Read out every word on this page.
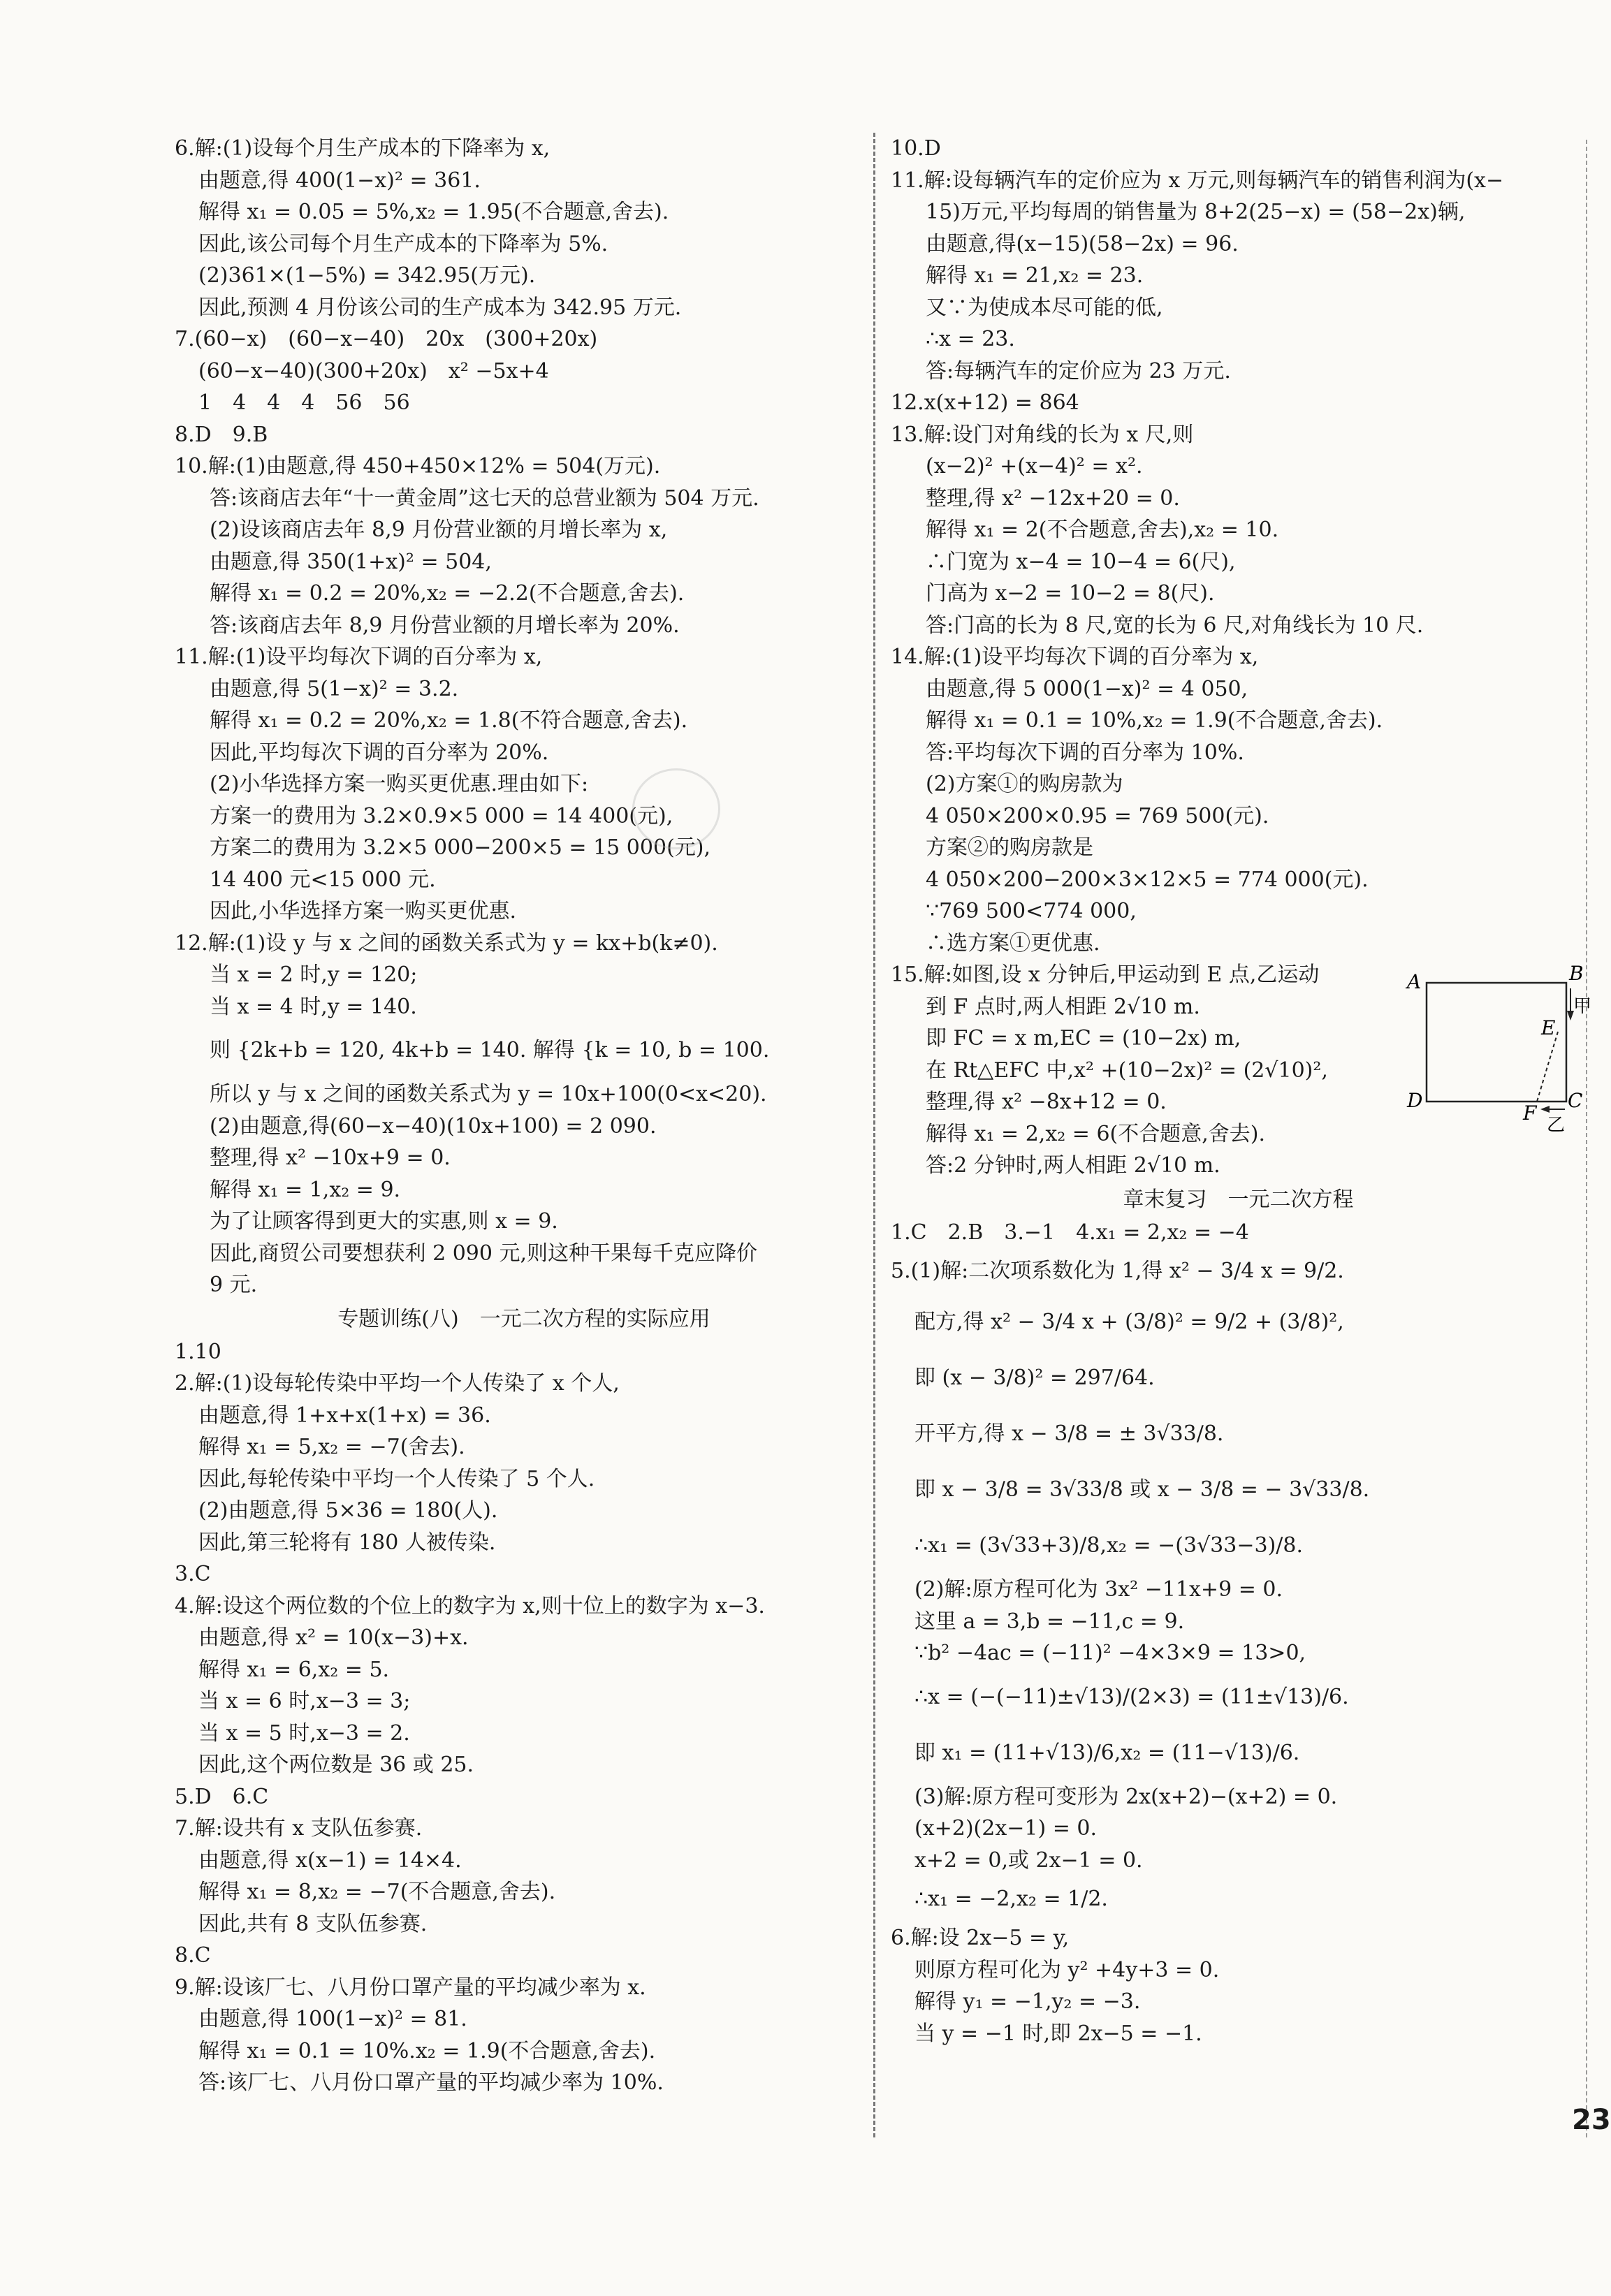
6.解:(1)设每个月生产成本的下降率为 x,
由题意,得 400(1−x)² = 361.
解得 x₁ = 0.05 = 5%,x₂ = 1.95(不合题意,舍去).
因此,该公司每个月生产成本的下降率为 5%.
(2)361×(1−5%) = 342.95(万元).
因此,预测 4 月份该公司的生产成本为 342.95 万元.
7.(60−x)　(60−x−40)　20x　(300+20x)
(60−x−40)(300+20x)　x² −5x+4
1　4　4　4　56　56
8.D　9.B
10.解:(1)由题意,得 450+450×12% = 504(万元).
答:该商店去年“十一黄金周”这七天的总营业额为 504 万元.
(2)设该商店去年 8,9 月份营业额的月增长率为 x,
由题意,得 350(1+x)² = 504,
解得 x₁ = 0.2 = 20%,x₂ = −2.2(不合题意,舍去).
答:该商店去年 8,9 月份营业额的月增长率为 20%.
11.解:(1)设平均每次下调的百分率为 x,
由题意,得 5(1−x)² = 3.2.
解得 x₁ = 0.2 = 20%,x₂ = 1.8(不符合题意,舍去).
因此,平均每次下调的百分率为 20%.
(2)小华选择方案一购买更优惠.理由如下:
方案一的费用为 3.2×0.9×5 000 = 14 400(元),
方案二的费用为 3.2×5 000−200×5 = 15 000(元),
14 400 元<15 000 元.
因此,小华选择方案一购买更优惠.
12.解:(1)设 y 与 x 之间的函数关系式为 y = kx+b(k≠0).
当 x = 2 时,y = 120;
当 x = 4 时,y = 140.
则 {2k+b = 120, 4k+b = 140. 解得 {k = 10, b = 100.
所以 y 与 x 之间的函数关系式为 y = 10x+100(0<x<20).
(2)由题意,得(60−x−40)(10x+100) = 2 090.
整理,得 x² −10x+9 = 0.
解得 x₁ = 1,x₂ = 9.
为了让顾客得到更大的实惠,则 x = 9.
因此,商贸公司要想获利 2 090 元,则这种干果每千克应降价
9 元.
专题训练(八)　一元二次方程的实际应用
1.10
2.解:(1)设每轮传染中平均一个人传染了 x 个人,
由题意,得 1+x+x(1+x) = 36.
解得 x₁ = 5,x₂ = −7(舍去).
因此,每轮传染中平均一个人传染了 5 个人.
(2)由题意,得 5×36 = 180(人).
因此,第三轮将有 180 人被传染.
3.C
4.解:设这个两位数的个位上的数字为 x,则十位上的数字为 x−3.
由题意,得 x² = 10(x−3)+x.
解得 x₁ = 6,x₂ = 5.
当 x = 6 时,x−3 = 3;
当 x = 5 时,x−3 = 2.
因此,这个两位数是 36 或 25.
5.D　6.C
7.解:设共有 x 支队伍参赛.
由题意,得 x(x−1) = 14×4.
解得 x₁ = 8,x₂ = −7(不合题意,舍去).
因此,共有 8 支队伍参赛.
8.C
9.解:设该厂七、八月份口罩产量的平均减少率为 x.
由题意,得 100(1−x)² = 81.
解得 x₁ = 0.1 = 10%.x₂ = 1.9(不合题意,舍去).
答:该厂七、八月份口罩产量的平均减少率为 10%.
10.D
11.解:设每辆汽车的定价应为 x 万元,则每辆汽车的销售利润为(x−
15)万元,平均每周的销售量为 8+2(25−x) = (58−2x)辆,
由题意,得(x−15)(58−2x) = 96.
解得 x₁ = 21,x₂ = 23.
又∵为使成本尽可能的低,
∴x = 23.
答:每辆汽车的定价应为 23 万元.
12.x(x+12) = 864
13.解:设门对角线的长为 x 尺,则
(x−2)² +(x−4)² = x².
整理,得 x² −12x+20 = 0.
解得 x₁ = 2(不合题意,舍去),x₂ = 10.
∴门宽为 x−4 = 10−4 = 6(尺),
门高为 x−2 = 10−2 = 8(尺).
答:门高的长为 8 尺,宽的长为 6 尺,对角线长为 10 尺.
14.解:(1)设平均每次下调的百分率为 x,
由题意,得 5 000(1−x)² = 4 050,
解得 x₁ = 0.1 = 10%,x₂ = 1.9(不合题意,舍去).
答:平均每次下调的百分率为 10%.
(2)方案①的购房款为
4 050×200×0.95 = 769 500(元).
方案②的购房款是
4 050×200−200×3×12×5 = 774 000(元).
∵769 500<774 000,
∴选方案①更优惠.
15.解:如图,设 x 分钟后,甲运动到 E 点,乙运动
到 F 点时,两人相距 2√10 m.
即 FC = x m,EC = (10−2x) m,
在 Rt△EFC 中,x² +(10−2x)² = (2√10)²,
整理,得 x² −8x+12 = 0.
解得 x₁ = 2,x₂ = 6(不合题意,舍去).
答:2 分钟时,两人相距 2√10 m.
章末复习　一元二次方程
1.C　2.B　3.−1　4.x₁ = 2,x₂ = −4
5.(1)解:二次项系数化为 1,得 x² − 3/4 x = 9/2.
配方,得 x² − 3/4 x + (3/8)² = 9/2 + (3/8)²,
即 (x − 3/8)² = 297/64.
开平方,得 x − 3/8 = ± 3√33/8.
即 x − 3/8 = 3√33/8 或 x − 3/8 = − 3√33/8.
∴x₁ = (3√33+3)/8,x₂ = −(3√33−3)/8.
(2)解:原方程可化为 3x² −11x+9 = 0.
这里 a = 3,b = −11,c = 9.
∵b² −4ac = (−11)² −4×3×9 = 13>0,
∴x = (−(−11)±√13)/(2×3) = (11±√13)/6.
即 x₁ = (11+√13)/6,x₂ = (11−√13)/6.
(3)解:原方程可变形为 2x(x+2)−(x+2) = 0.
(x+2)(2x−1) = 0.
x+2 = 0,或 2x−1 = 0.
∴x₁ = −2,x₂ = 1/2.
6.解:设 2x−5 = y,
则原方程可化为 y² +4y+3 = 0.
解得 y₁ = −1,y₂ = −3.
当 y = −1 时,即 2x−5 = −1.
A	B
甲
E
D	C
F
乙
23
